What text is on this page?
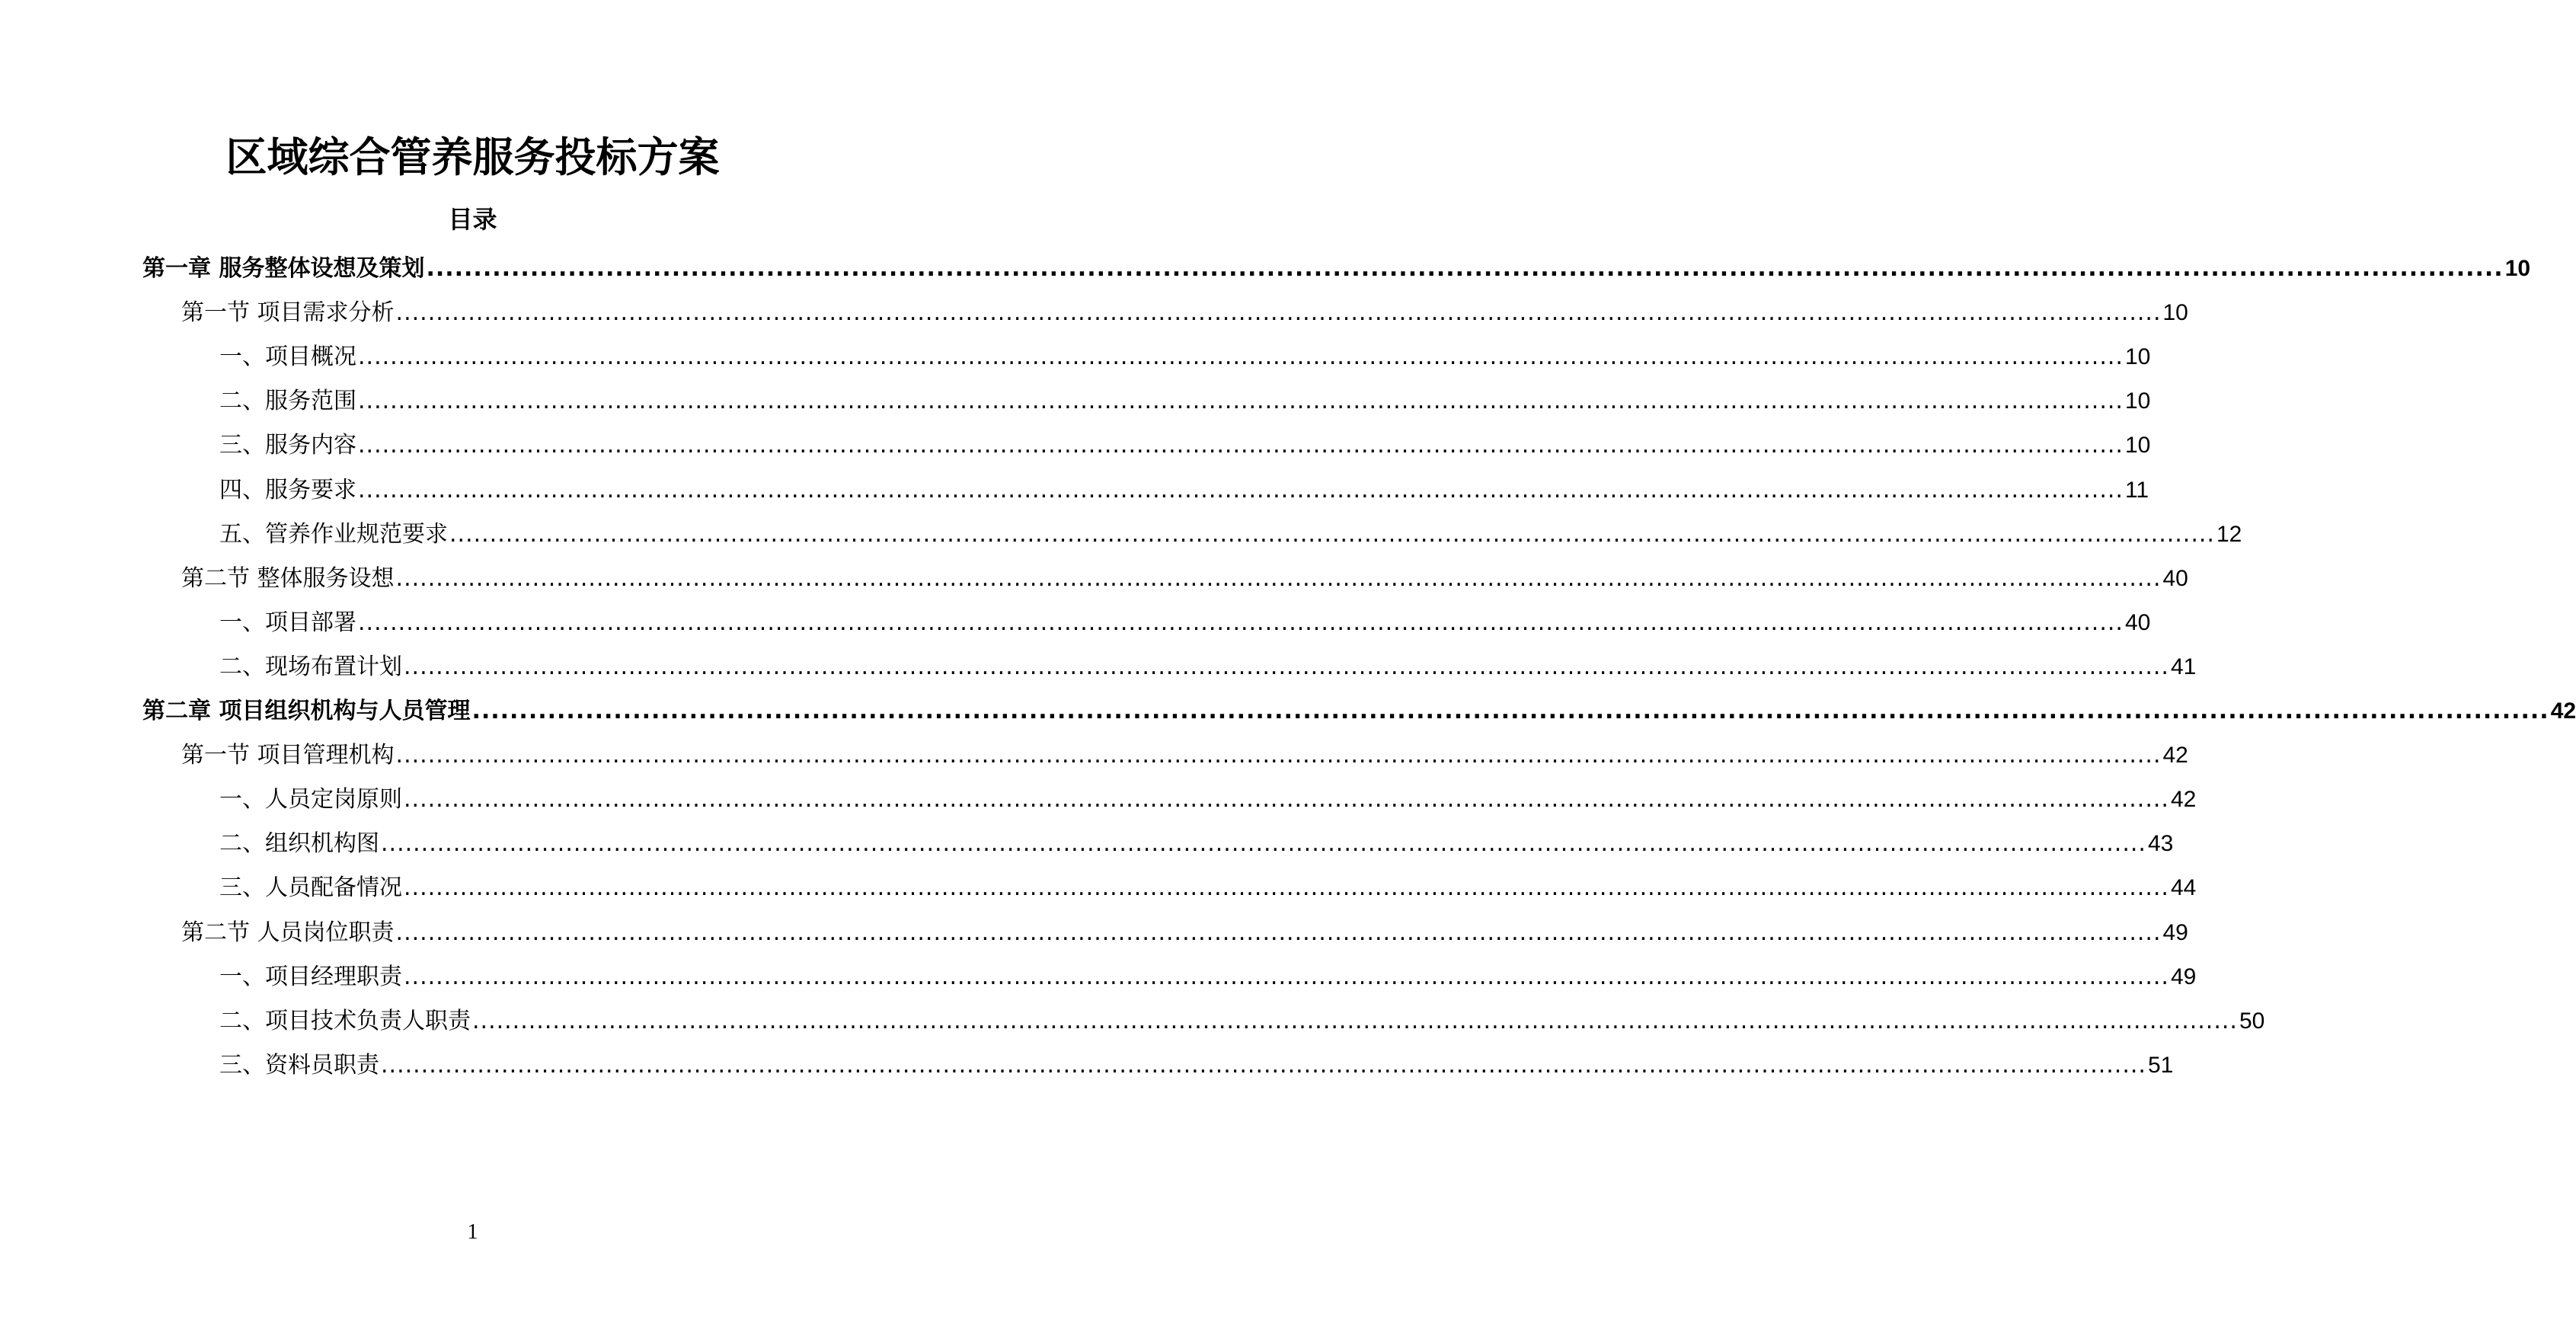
区域综合管养服务投标方案
目录
第一章 服务整体设想及策划 ............................................................................................................................................................................................................................ 10
第一节 项目需求分析 ............................................................................................................................................................................................................................ 10
一、项目概况 ............................................................................................................................................................................................................................ 10
二、服务范围 ............................................................................................................................................................................................................................ 10
三、服务内容 ............................................................................................................................................................................................................................ 10
四、服务要求 ............................................................................................................................................................................................................................ 11
五、管养作业规范要求 ............................................................................................................................................................................................................................ 12
第二节 整体服务设想 ............................................................................................................................................................................................................................ 40
一、项目部署 ............................................................................................................................................................................................................................ 40
二、现场布置计划 ............................................................................................................................................................................................................................ 41
第二章 项目组织机构与人员管理 ............................................................................................................................................................................................................................ 42
第一节 项目管理机构 ............................................................................................................................................................................................................................ 42
一、人员定岗原则 ............................................................................................................................................................................................................................ 42
二、组织机构图 ............................................................................................................................................................................................................................ 43
三、人员配备情况 ............................................................................................................................................................................................................................ 44
第二节 人员岗位职责 ............................................................................................................................................................................................................................ 49
一、项目经理职责 ............................................................................................................................................................................................................................ 49
二、项目技术负责人职责 ............................................................................................................................................................................................................................ 50
三、资料员职责 ............................................................................................................................................................................................................................ 51
1
